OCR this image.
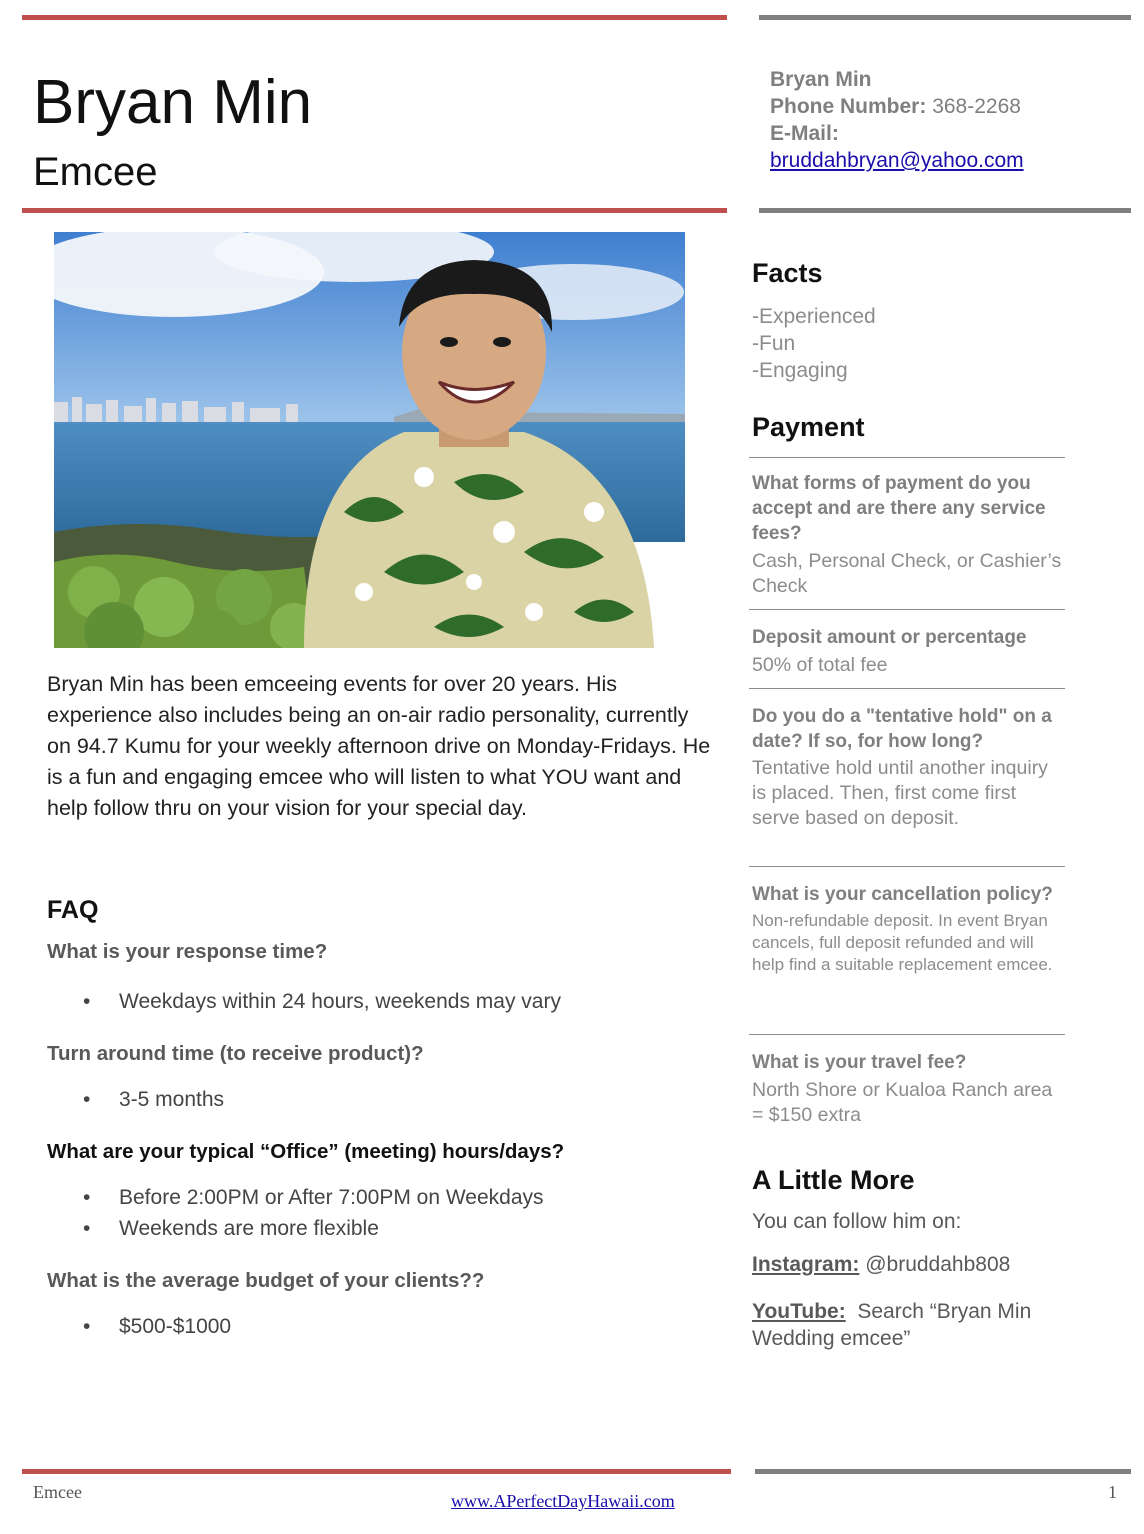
Bryan Min
Emcee
Bryan Min
Phone Number: 368-2268
E-Mail:
bruddahbryan@yahoo.com
Bryan Min has been emceeing events for over 20 years. His experience also includes being an on-air radio personality, currently on 94.7 Kumu for your weekly afternoon drive on Monday-Fridays. He is a fun and engaging emcee who will listen to what YOU want and help follow thru on your vision for your special day.
FAQ
What is your response time?
• Weekdays within 24 hours, weekends may vary
Turn around time (to receive product)?
• 3-5 months
What are your typical “Office” (meeting) hours/days?
• Before 2:00PM or After 7:00PM on Weekdays
• Weekends are more flexible
What is the average budget of your clients??
• $500-$1000
Facts
-Experienced
-Fun
-Engaging
Payment
What forms of payment do you accept and are there any service fees?
Cash, Personal Check, or Cashier’s Check
Deposit amount or percentage
50% of total fee
Do you do a "tentative hold" on a date? If so, for how long?
Tentative hold until another inquiry is placed. Then, first come first serve based on deposit.
What is your cancellation policy?
Non-refundable deposit. In event Bryan cancels, full deposit refunded and will help find a suitable replacement emcee.
What is your travel fee?
North Shore or Kualoa Ranch area = $150 extra
A Little More
You can follow him on:
Instagram: @bruddahb808
YouTube: Search “Bryan Min Wedding emcee”
Emcee	www.APerfectDayHawaii.com	1
